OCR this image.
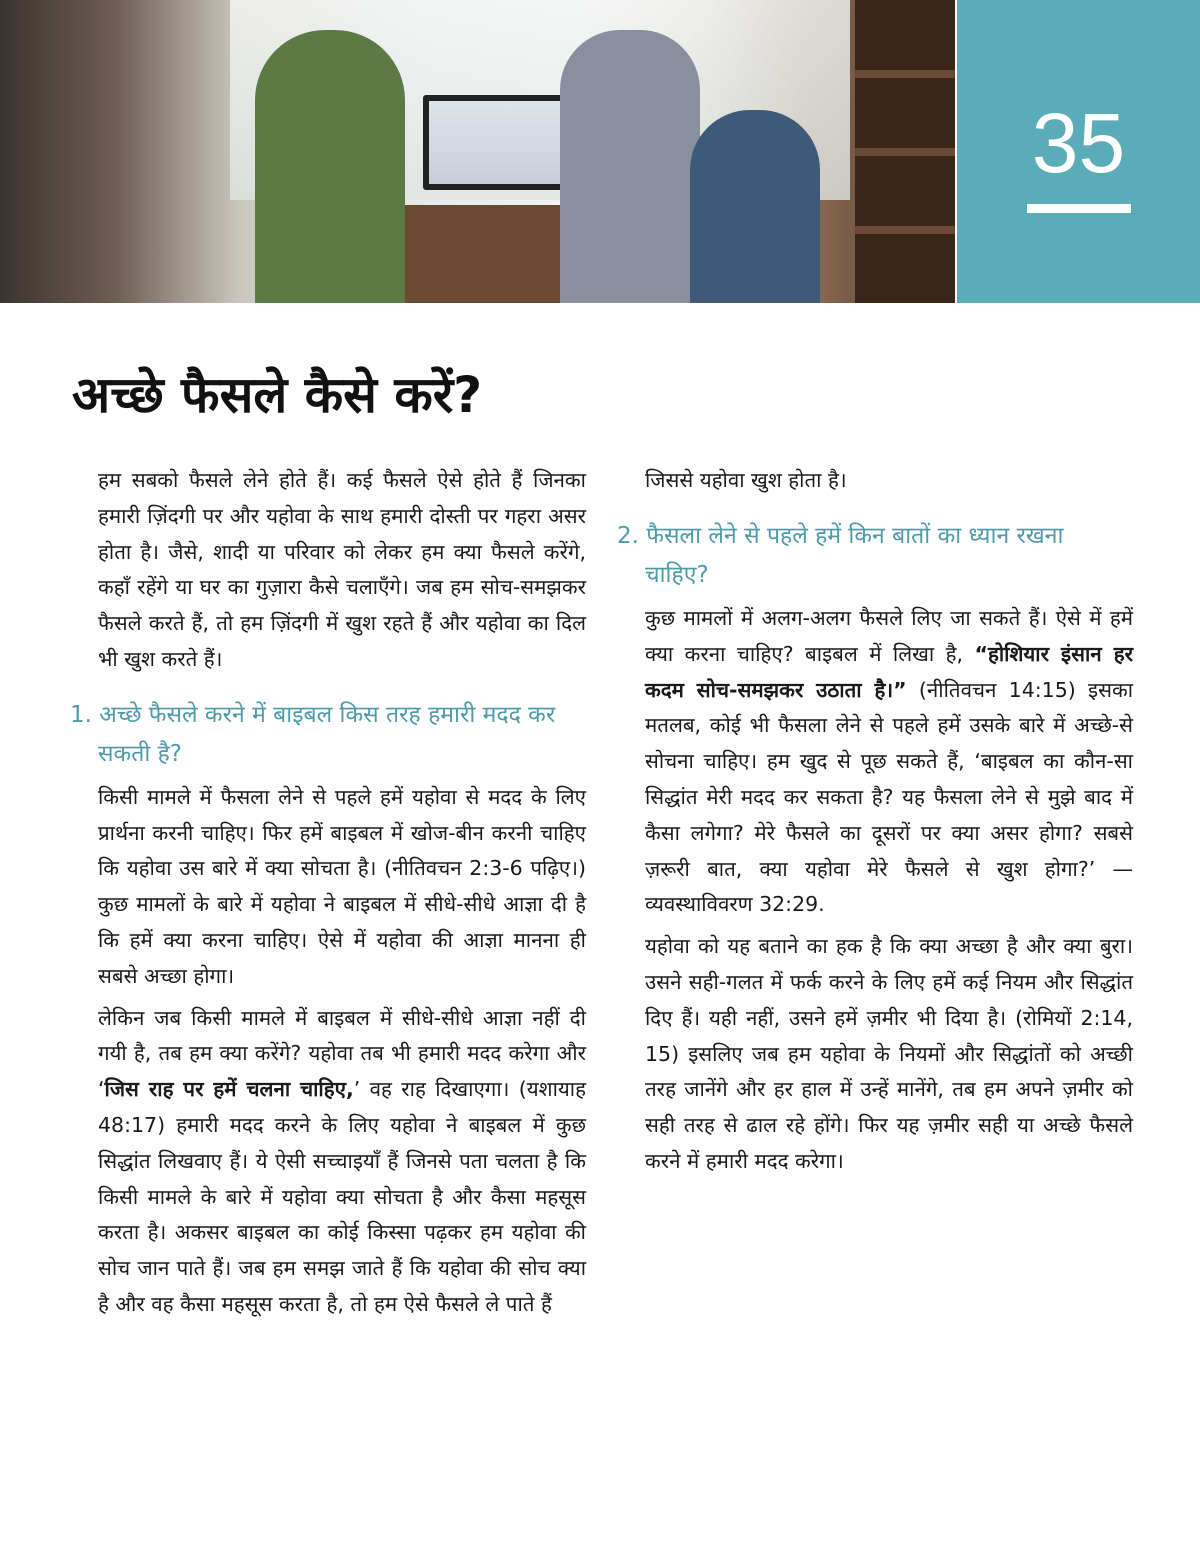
35
अच्छे फैसले कैसे करें?

हम सबको फैसले लेने होते हैं। कई फैसले ऐसे होते हैं जिनका हमारी ज़िंदगी पर और यहोवा के साथ हमारी दोस्ती पर गहरा असर होता है। जैसे, शादी या परिवार को लेकर हम क्या फैसले करेंगे, कहाँ रहेंगे या घर का गुज़ारा कैसे चलाएँगे। जब हम सोच-समझकर फैसले करते हैं, तो हम ज़िंदगी में खुश रहते हैं और यहोवा का दिल भी खुश करते हैं।

1. अच्छे फैसले करने में बाइबल किस तरह हमारी मदद कर सकती है?

किसी मामले में फैसला लेने से पहले हमें यहोवा से मदद के लिए प्रार्थना करनी चाहिए। फिर हमें बाइबल में खोज-बीन करनी चाहिए कि यहोवा उस बारे में क्या सोचता है। (नीतिवचन 2:3-6 पढ़िए।) कुछ मामलों के बारे में यहोवा ने बाइबल में सीधे-सीधे आज्ञा दी है कि हमें क्या करना चाहिए। ऐसे में यहोवा की आज्ञा मानना ही सबसे अच्छा होगा।

लेकिन जब किसी मामले में बाइबल में सीधे-सीधे आज्ञा नहीं दी गयी है, तब हम क्या करेंगे? यहोवा तब भी हमारी मदद करेगा और ‘जिस राह पर हमें चलना चाहिए,’ वह राह दिखाएगा। (यशायाह 48:17) हमारी मदद करने के लिए यहोवा ने बाइबल में कुछ सिद्धांत लिखवाए हैं। ये ऐसी सच्चाइयाँ हैं जिनसे पता चलता है कि किसी मामले के बारे में यहोवा क्या सोचता है और कैसा महसूस करता है। अकसर बाइबल का कोई किस्सा पढ़कर हम यहोवा की सोच जान पाते हैं। जब हम समझ जाते हैं कि यहोवा की सोच क्या है और वह कैसा महसूस करता है, तो हम ऐसे फैसले ले पाते हैं

2. फैसला लेने से पहले हमें किन बातों का ध्यान रखना चाहिए?

कुछ मामलों में अलग-अलग फैसले लिए जा सकते हैं। ऐसे में हमें क्या करना चाहिए? बाइबल में लिखा है, “होशियार इंसान हर कदम सोच-समझकर उठाता है।” (नीतिवचन 14:15) इसका मतलब, कोई भी फैसला लेने से पहले हमें उसके बारे में अच्छे-से सोचना चाहिए। हम खुद से पूछ सकते हैं, ‘बाइबल का कौन-सा सिद्धांत मेरी मदद कर सकता है? यह फैसला लेने से मुझे बाद में कैसा लगेगा? मेरे फैसले का दूसरों पर क्या असर होगा? सबसे ज़रूरी बात, क्या यहोवा मेरे फैसले से खुश होगा?’ —व्यवस्थाविवरण 32:29.

यहोवा को यह बताने का हक है कि क्या अच्छा है और क्या बुरा। उसने सही-गलत में फर्क करने के लिए हमें कई नियम और सिद्धांत दिए हैं। यही नहीं, उसने हमें ज़मीर भी दिया है। (रोमियों 2:14, 15) इसलिए जब हम यहोवा के नियमों और सिद्धांतों को अच्छी तरह जानेंगे और हर हाल में उन्हें मानेंगे, तब हम अपने ज़मीर को सही तरह से ढाल रहे होंगे। फिर यह ज़मीर सही या अच्छे फैसले करने में हमारी मदद करेगा।

जिससे यहोवा खुश होता है।
